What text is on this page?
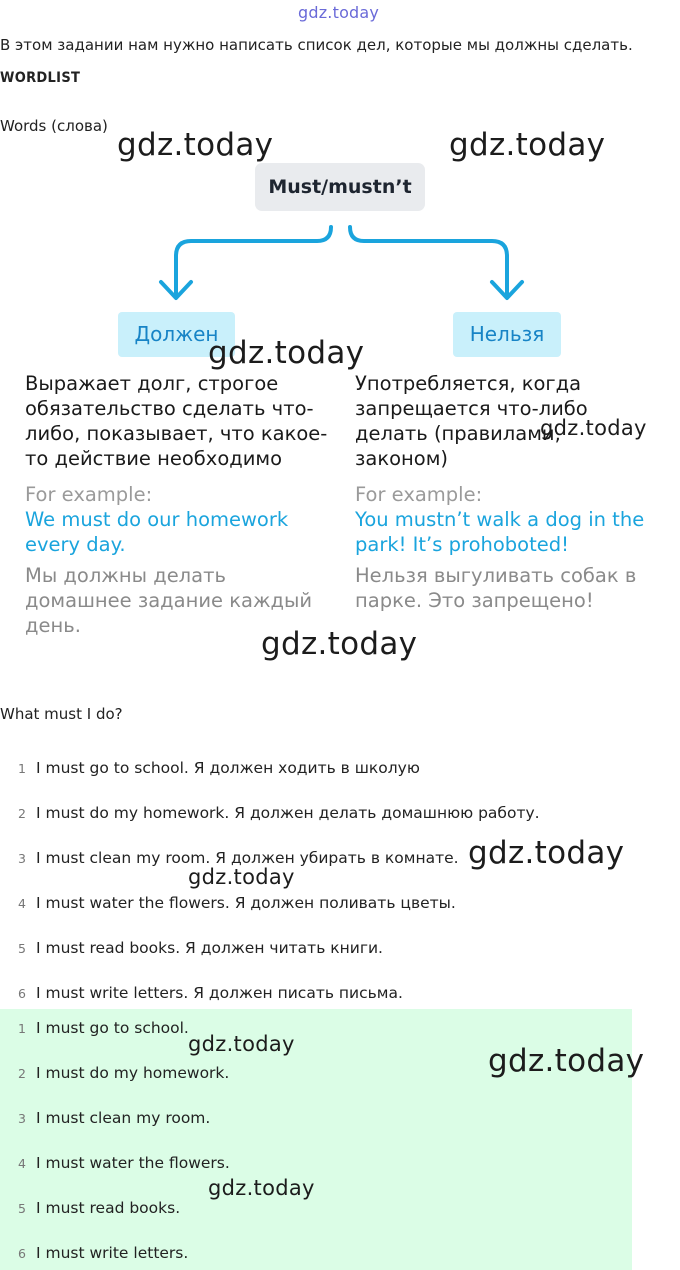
gdz.today
В этом задании нам нужно написать список дел, которые мы должны сделать.
WORDLIST
Words (слова)
Must/mustn’t
Должен	Нельзя
Выражает долг, строгое обязательство сделать что-либо, показывает, что какое-то действие необходимо
Употребляется, когда запрещается что-либо делать (правилами, законом)
For example:	For example:
We must do our homework every day.
You mustn’t walk a dog in the park! It’s prohoboted!
Мы должны делать домашнее задание каждый день.
Нельзя выгуливать собак в парке. Это запрещено!
What must I do?
1 I must go to school. Я должен ходить в школую
2 I must do my homework. Я должен делать домашнюю работу.
3 I must clean my room. Я должен убирать в комнате.
4 I must water the flowers. Я должен поливать цветы.
5 I must read books. Я должен читать книги.
6 I must write letters. Я должен писать письма.
1 I must go to school.
2 I must do my homework.
3 I must clean my room.
4 I must water the flowers.
5 I must read books.
6 I must write letters.
gdz.today	gdz.today
gdz.today
gdz.today
gdz.today
gdz.today
gdz.today
gdz.today	gdz.today
gdz.today
